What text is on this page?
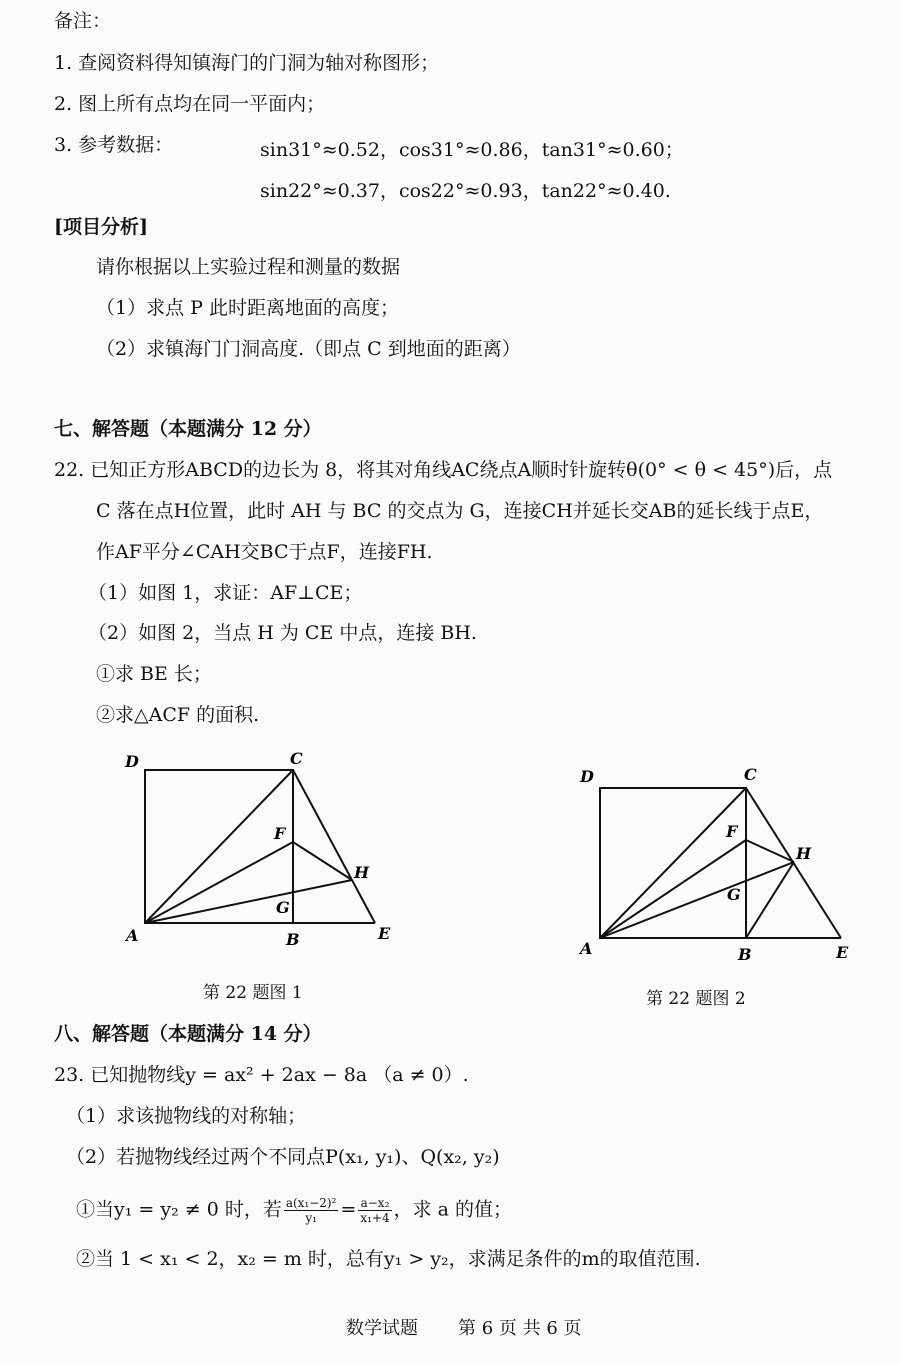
备注：
1. 查阅资料得知镇海门的门洞为轴对称图形；
2. 图上所有点均在同一平面内；
3. 参考数据：	sin31°≈0.52，cos31°≈0.86，tan31°≈0.60；
sin22°≈0.37，cos22°≈0.93，tan22°≈0.40.
[项目分析]
请你根据以上实验过程和测量的数据
（1）求点 P 此时距离地面的高度；
（2）求镇海门门洞高度.（即点 C 到地面的距离）
七、解答题（本题满分 12 分）
22. 已知正方形ABCD的边长为 8，将其对角线AC绕点A顺时针旋转θ(0° < θ < 45°)后，点
C 落在点H位置，此时 AH 与 BC 的交点为 G，连接CH并延长交AB的延长线于点E，
作AF平分∠CAH交BC于点F，连接FH.
（1）如图 1，求证：AF⊥CE；
（2）如图 2，当点 H 为 CE 中点，连接 BH.
①求 BE 长；
②求△ACF 的面积.
D	C
F
H
G
A	B	E
第 22 题图 1
D	C
F
H
G
A	B	E
第 22 题图 2
八、解答题（本题满分 14 分）
23. 已知抛物线y = ax² + 2ax − 8a （a ≠ 0）.
（1）求该抛物线的对称轴；
（2）若抛物线经过两个不同点P(x₁, y₁)、Q(x₂, y₂)
①当y₁ = y₂ ≠ 0 时，若 $\frac{\text{a(x₁−2)²}}{\text{y₁}} = \frac{\text{a−x₂}}{\text{x₁+4}}$ ，求 a 的值；
②当 1 < x₁ < 2，x₂ = m 时，总有y₁ > y₂，求满足条件的m的取值范围.
数学试题 第 6 页 共 6 页
